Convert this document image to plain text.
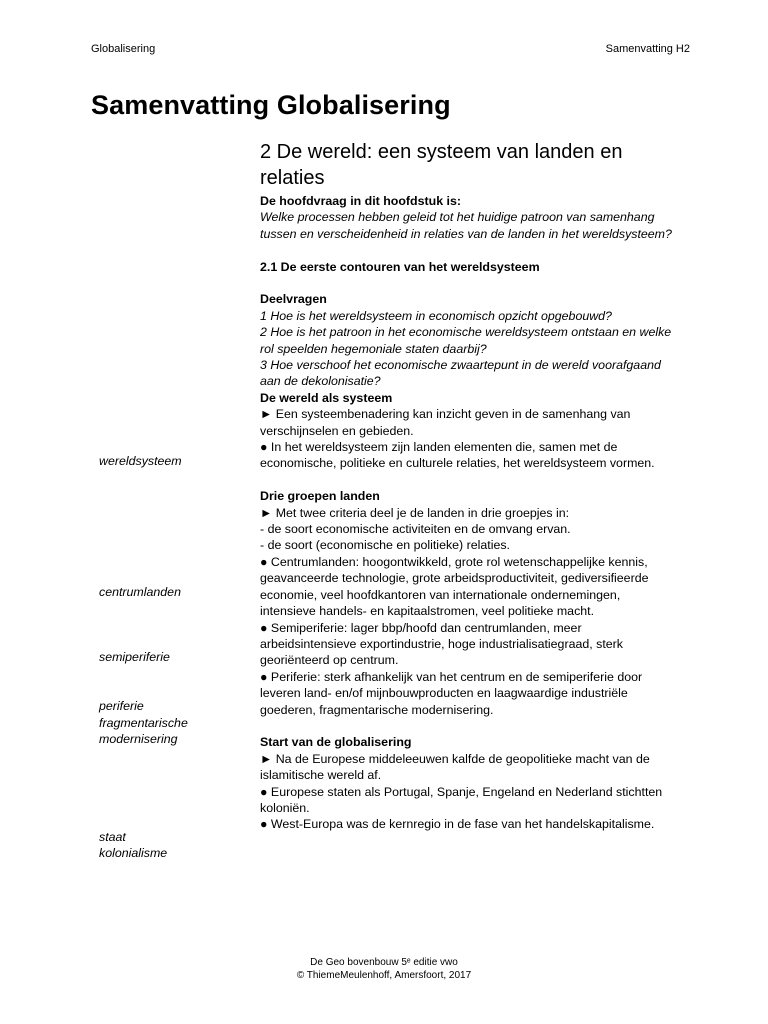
Globalisering	Samenvatting H2
Samenvatting Globalisering
2 De wereld: een systeem van landen en relaties
De hoofdvraag in dit hoofdstuk is:
Welke processen hebben geleid tot het huidige patroon van samenhang tussen en verscheidenheid in relaties van de landen in het wereldsysteem?
2.1 De eerste contouren van het wereldsysteem
Deelvragen
1 Hoe is het wereldsysteem in economisch opzicht opgebouwd?
2 Hoe is het patroon in het economische wereldsysteem ontstaan en welke rol speelden hegemoniale staten daarbij?
3 Hoe verschoof het economische zwaartepunt in de wereld voorafgaand aan de dekolonisatie?
De wereld als systeem
► Een systeembenadering kan inzicht geven in de samenhang van verschijnselen en gebieden.
● In het wereldsysteem zijn landen elementen die, samen met de economische, politieke en culturele relaties, het wereldsysteem vormen.
Drie groepen landen
► Met twee criteria deel je de landen in drie groepjes in:
- de soort economische activiteiten en de omvang ervan.
- de soort (economische en politieke) relaties.
● Centrumlanden: hoogontwikkeld, grote rol wetenschappelijke kennis, geavanceerde technologie, grote arbeidsproductiviteit, gediversifieerde economie, veel hoofdkantoren van internationale ondernemingen, intensieve handels- en kapitaalstromen, veel politieke macht.
● Semiperiferie: lager bbp/hoofd dan centrumlanden, meer arbeidsintensieve exportindustrie, hoge industrialisatiegraad, sterk georiënteerd op centrum.
● Periferie: sterk afhankelijk van het centrum en de semiperiferie door leveren land- en/of mijnbouwproducten en laagwaardige industriële goederen, fragmentarische modernisering.
Start van de globalisering
► Na de Europese middeleeuwen kalfde de geopolitieke macht van de islamitische wereld af.
● Europese staten als Portugal, Spanje, Engeland en Nederland stichtten koloniën.
● West-Europa was de kernregio in de fase van het handelskapitalisme.
wereldsysteem
centrumlanden
semiperiferie
periferie
fragmentarische
modernisering
staat
kolonialisme
De Geo bovenbouw 5ᵉ editie vwo
© ThiemeMeulenhoff, Amersfoort, 2017
